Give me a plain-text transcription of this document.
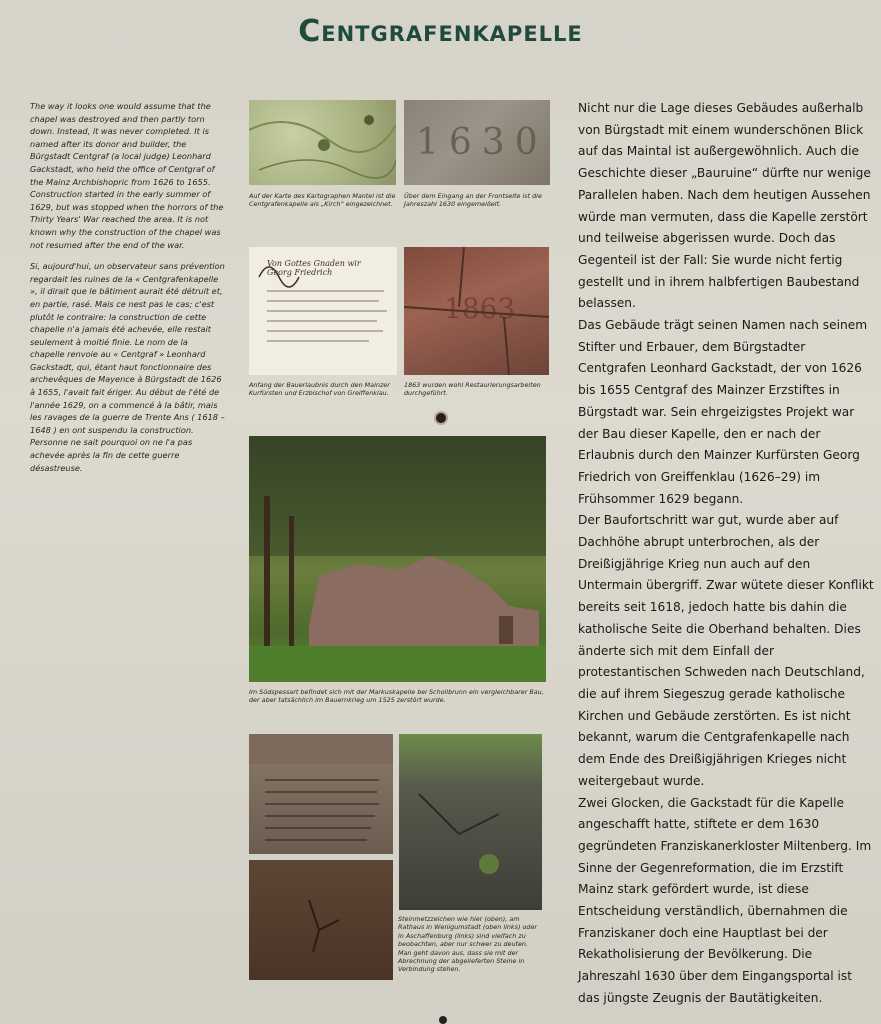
Centgrafenkapelle

The way it looks one would assume that the chapel was destroyed and then partly torn down. Instead, it was never completed. It is named after its donor and builder, the Bürgstadt Centgraf (a local judge) Leonhard Gackstadt, who held the office of Centgraf of the Mainz Archbishopric from 1626 to 1655. Construction started in the early summer of 1629, but was stopped when the horrors of the Thirty Years' War reached the area. It is not known why the construction of the chapel was not resumed after the end of the war.

Si, aujourd'hui, un observateur sans prévention regardait les ruines de la « Centgrafenkapelle », il dirait que le bâtiment aurait été détruit et, en partie, rasé. Mais ce nest pas le cas; c'est plutôt le contraire: la construction de cette chapelle n'a jamais été achevée, elle restait seulement à moitié finie. Le nom de la chapelle renvoie au « Centgraf » Leonhard Gackstadt, qui, étant haut fonctionnaire des archevêques de Mayence à Bürgstadt de 1626 à 1655, l'avait fait ériger. Au début de l'été de l'année 1629, on a commencé à la bâtir, mais les ravages de la guerre de Trente Ans ( 1618 – 1648 ) en ont suspendu la construction. Personne ne sait pourquoi on ne l'a pas achevée après la fin de cette guerre désastreuse.

1630
Auf der Karte des Kartographen Mantel ist die Centgrafenkapelle als „Kirch“ eingezeichnet.
Über dem Eingang an der Frontseite ist die Jahreszahl 1630 eingemeißelt.
Von Gottes Gnaden wir Georg Friedrich
1863
Anfang der Bauerlaubnis durch den Mainzer Kurfürsten und Erzbischof von Greiffenklau.
1863 wurden wohl Restaurierungsarbeiten durchgeführt.
Im Südspessart befindet sich mit der Markuskapelle bei Schollbrunn ein vergleichbarer Bau, der aber tatsächlich im Bauernkrieg um 1525 zerstört wurde.
Steinmetzzeichen wie hier (oben), am Rathaus in Wenigumstadt (oben links) oder in Aschaffenburg (links) sind vielfach zu beobachten, aber nur schwer zu deuten. Man geht davon aus, dass sie mit der Abrechnung der abgelieferten Steine in Verbindung stehen.

Nicht nur die Lage dieses Gebäudes außerhalb von Bürgstadt mit einem wunderschönen Blick auf das Maintal ist außergewöhnlich. Auch die Geschichte dieser „Bauruine“ dürfte nur wenige Parallelen haben. Nach dem heutigen Aussehen würde man vermuten, dass die Kapelle zerstört und teilweise abgerissen wurde. Doch das Gegenteil ist der Fall: Sie wurde nicht fertig gestellt und in ihrem halbfertigen Baubestand belassen.

Das Gebäude trägt seinen Namen nach seinem Stifter und Erbauer, dem Bürgstadter Centgrafen Leonhard Gackstadt, der von 1626 bis 1655 Centgraf des Mainzer Erzstiftes in Bürgstadt war. Sein ehrgeizigstes Projekt war der Bau dieser Kapelle, den er nach der Erlaubnis durch den Mainzer Kurfürsten Georg Friedrich von Greiffenklau (1626–29) im Frühsommer 1629 begann.

Der Baufortschritt war gut, wurde aber auf Dachhöhe abrupt unterbrochen, als der Dreißigjährige Krieg nun auch auf den Untermain übergriff. Zwar wütete dieser Konflikt bereits seit 1618, jedoch hatte bis dahin die katholische Seite die Oberhand behalten. Dies änderte sich mit dem Einfall der protestantischen Schweden nach Deutschland, die auf ihrem Siegeszug gerade katholische Kirchen und Gebäude zerstörten. Es ist nicht bekannt, warum die Centgrafenkapelle nach dem Ende des Dreißigjährigen Krieges nicht weitergebaut wurde.

Zwei Glocken, die Gackstadt für die Kapelle angeschafft hatte, stiftete er dem 1630 gegründeten Franziskanerkloster Miltenberg. Im Sinne der Gegenreformation, die im Erzstift Mainz stark gefördert wurde, ist diese Entscheidung verständlich, übernahmen die Franziskaner doch eine Hauptlast bei der Rekatholisierung der Bevölkerung. Die Jahreszahl 1630 über dem Eingangsportal ist das jüngste Zeugnis der Bautätigkeiten.
